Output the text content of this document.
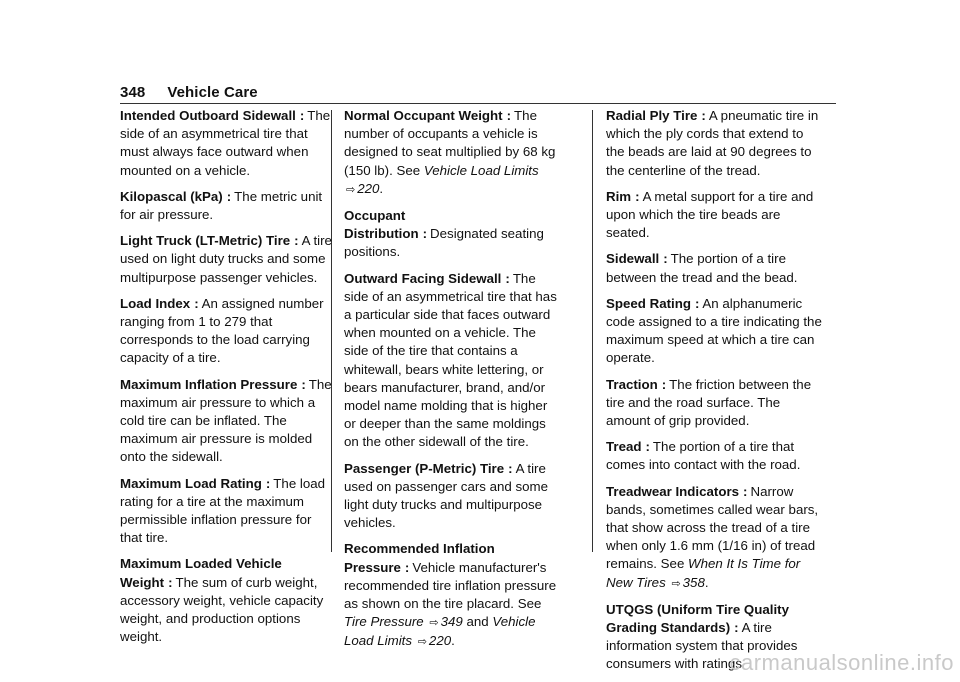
348 Vehicle Care

Intended Outboard Sidewall : The side of an asymmetrical tire that must always face outward when mounted on a vehicle.

Kilopascal (kPa) : The metric unit for air pressure.

Light Truck (LT-Metric) Tire : A tire used on light duty trucks and some multipurpose passenger vehicles.

Load Index : An assigned number ranging from 1 to 279 that corresponds to the load carrying capacity of a tire.

Maximum Inflation Pressure : The maximum air pressure to which a cold tire can be inflated. The maximum air pressure is molded onto the sidewall.

Maximum Load Rating : The load rating for a tire at the maximum permissible inflation pressure for that tire.

Maximum Loaded Vehicle Weight : The sum of curb weight, accessory weight, vehicle capacity weight, and production options weight.

Normal Occupant Weight : The number of occupants a vehicle is designed to seat multiplied by 68 kg (150 lb). See Vehicle Load Limits ⇨ 220.

Occupant Distribution : Designated seating positions.

Outward Facing Sidewall : The side of an asymmetrical tire that has a particular side that faces outward when mounted on a vehicle. The side of the tire that contains a whitewall, bears white lettering, or bears manufacturer, brand, and/or model name molding that is higher or deeper than the same moldings on the other sidewall of the tire.

Passenger (P-Metric) Tire : A tire used on passenger cars and some light duty trucks and multipurpose vehicles.

Recommended Inflation Pressure : Vehicle manufacturer's recommended tire inflation pressure as shown on the tire placard. See Tire Pressure ⇨ 349 and Vehicle Load Limits ⇨ 220.

Radial Ply Tire : A pneumatic tire in which the ply cords that extend to the beads are laid at 90 degrees to the centerline of the tread.

Rim : A metal support for a tire and upon which the tire beads are seated.

Sidewall : The portion of a tire between the tread and the bead.

Speed Rating : An alphanumeric code assigned to a tire indicating the maximum speed at which a tire can operate.

Traction : The friction between the tire and the road surface. The amount of grip provided.

Tread : The portion of a tire that comes into contact with the road.

Treadwear Indicators : Narrow bands, sometimes called wear bars, that show across the tread of a tire when only 1.6 mm (1/16 in) of tread remains. See When It Is Time for New Tires ⇨ 358.

UTQGS (Uniform Tire Quality Grading Standards) : A tire information system that provides consumers with ratings

carmanualsonline.info
